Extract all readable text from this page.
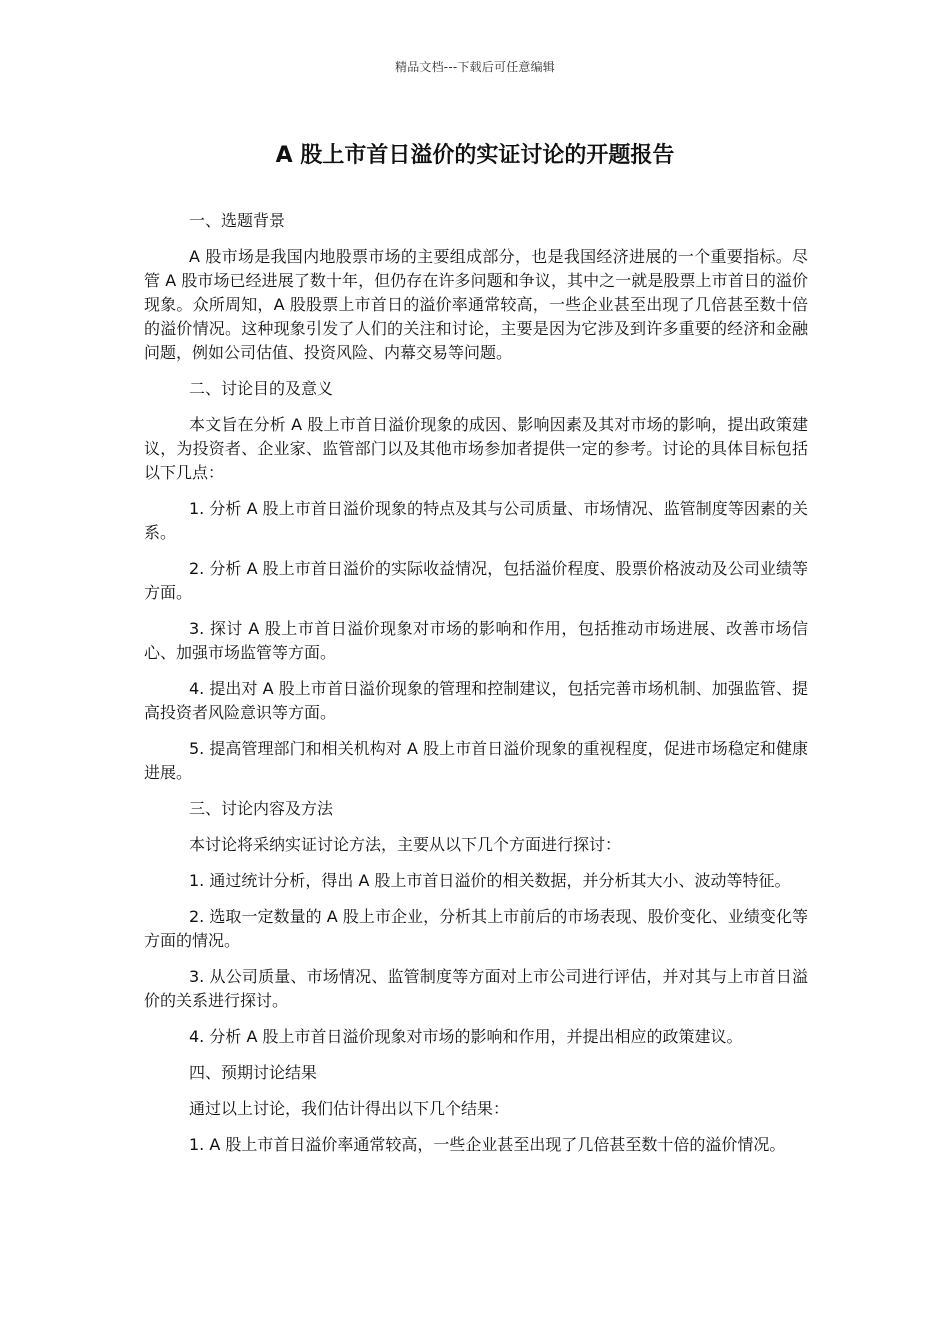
精品文档---下载后可任意编辑
A 股上市首日溢价的实证讨论的开题报告
一、选题背景

A 股市场是我国内地股票市场的主要组成部分，也是我国经济进展的一个重要指标。尽管 A 股市场已经进展了数十年，但仍存在许多问题和争议，其中之一就是股票上市首日的溢价现象。众所周知，A 股股票上市首日的溢价率通常较高，一些企业甚至出现了几倍甚至数十倍的溢价情况。这种现象引发了人们的关注和讨论，主要是因为它涉及到许多重要的经济和金融问题，例如公司估值、投资风险、内幕交易等问题。

二、讨论目的及意义

本文旨在分析 A 股上市首日溢价现象的成因、影响因素及其对市场的影响，提出政策建议，为投资者、企业家、监管部门以及其他市场参加者提供一定的参考。讨论的具体目标包括以下几点：

1. 分析 A 股上市首日溢价现象的特点及其与公司质量、市场情况、监管制度等因素的关系。

2. 分析 A 股上市首日溢价的实际收益情况，包括溢价程度、股票价格波动及公司业绩等方面。

3. 探讨 A 股上市首日溢价现象对市场的影响和作用，包括推动市场进展、改善市场信心、加强市场监管等方面。

4. 提出对 A 股上市首日溢价现象的管理和控制建议，包括完善市场机制、加强监管、提高投资者风险意识等方面。

5. 提高管理部门和相关机构对 A 股上市首日溢价现象的重视程度，促进市场稳定和健康进展。

三、讨论内容及方法

本讨论将采纳实证讨论方法，主要从以下几个方面进行探讨：

1. 通过统计分析，得出 A 股上市首日溢价的相关数据，并分析其大小、波动等特征。

2. 选取一定数量的 A 股上市企业，分析其上市前后的市场表现、股价变化、业绩变化等方面的情况。

3. 从公司质量、市场情况、监管制度等方面对上市公司进行评估，并对其与上市首日溢价的关系进行探讨。

4. 分析 A 股上市首日溢价现象对市场的影响和作用，并提出相应的政策建议。

四、预期讨论结果

通过以上讨论，我们估计得出以下几个结果：

1. A 股上市首日溢价率通常较高，一些企业甚至出现了几倍甚至数十倍的溢价情况。
